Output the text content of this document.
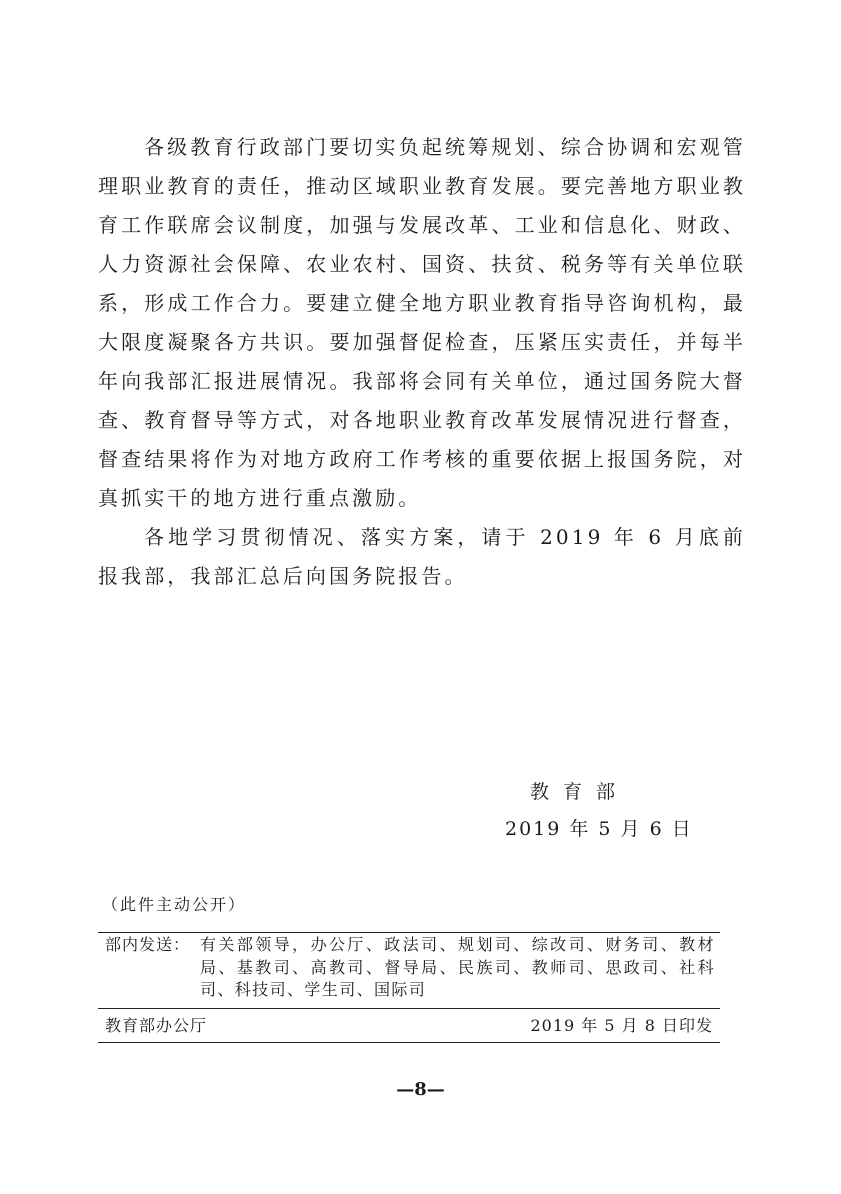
各级教育行政部门要切实负起统筹规划、综合协调和宏观管理职业教育的责任，推动区域职业教育发展。要完善地方职业教育工作联席会议制度，加强与发展改革、工业和信息化、财政、人力资源社会保障、农业农村、国资、扶贫、税务等有关单位联系，形成工作合力。要建立健全地方职业教育指导咨询机构，最大限度凝聚各方共识。要加强督促检查，压紧压实责任，并每半年向我部汇报进展情况。我部将会同有关单位，通过国务院大督查、教育督导等方式，对各地职业教育改革发展情况进行督查，督查结果将作为对地方政府工作考核的重要依据上报国务院，对真抓实干的地方进行重点激励。

各地学习贯彻情况、落实方案，请于 2019 年 6 月底前报我部，我部汇总后向国务院报告。

教育部

2019 年 5 月 6 日

（此件主动公开）

部内发送： 有关部领导，办公厅、政法司、规划司、综改司、财务司、教材局、基教司、高教司、督导局、民族司、教师司、思政司、社科司、科技司、学生司、国际司

教育部办公厅	2019 年 5 月 8 日印发

—8—
